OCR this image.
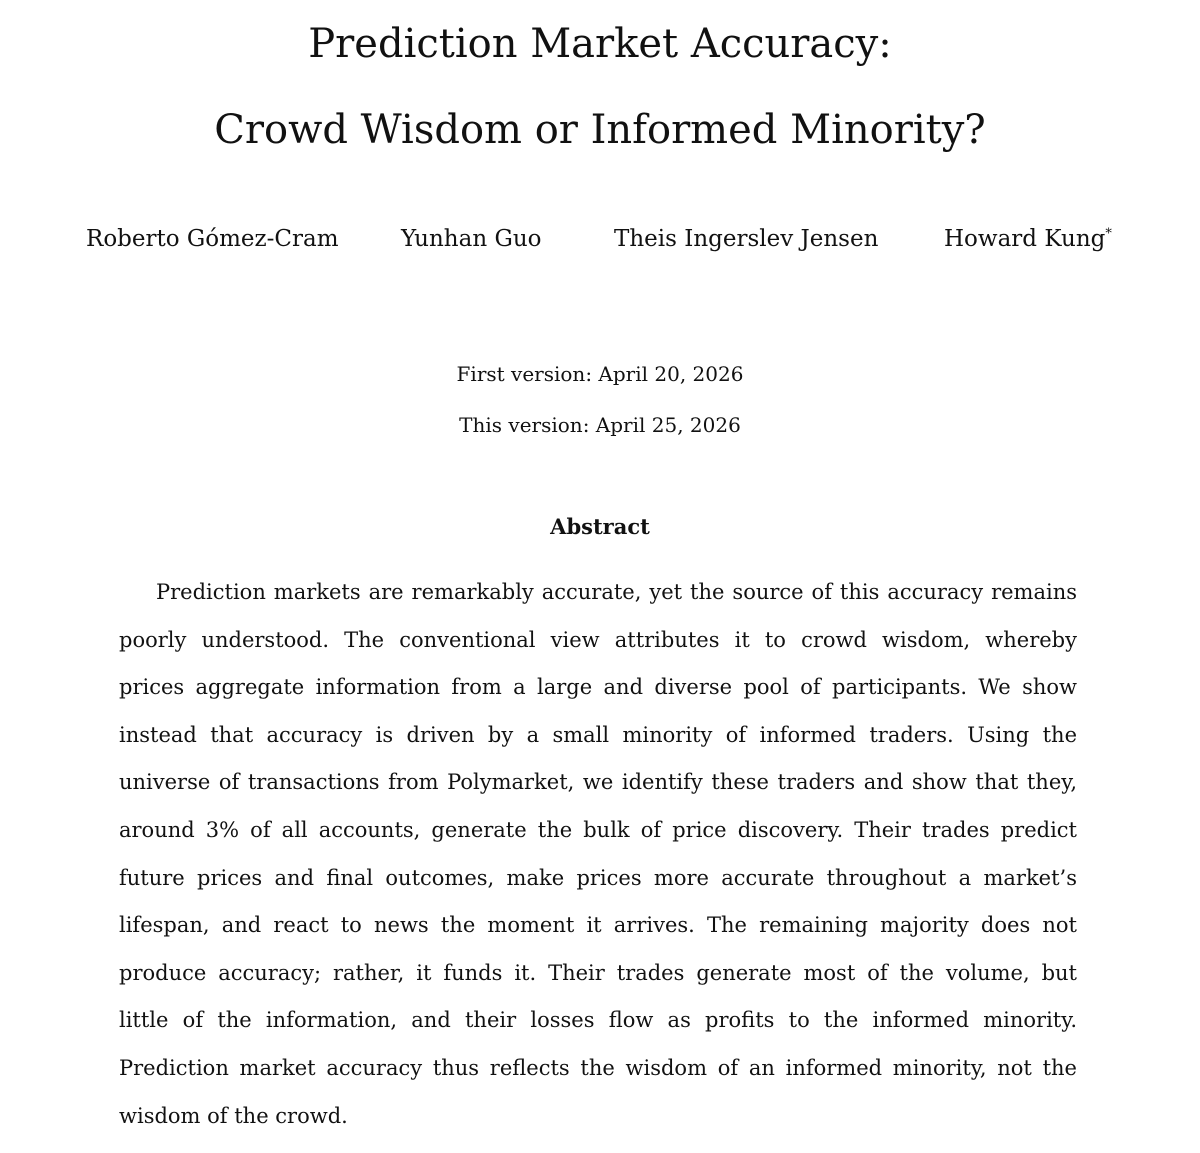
Prediction Market Accuracy:
Crowd Wisdom or Informed Minority?
Roberto Gómez-Cram	Yunhan Guo	Theis Ingerslev Jensen	Howard Kung*
First version: April 20, 2026
This version: April 25, 2026
Abstract
Prediction markets are remarkably accurate, yet the source of this accuracy remains
poorly understood. The conventional view attributes it to crowd wisdom, whereby
prices aggregate information from a large and diverse pool of participants. We show
instead that accuracy is driven by a small minority of informed traders. Using the
universe of transactions from Polymarket, we identify these traders and show that they,
around 3% of all accounts, generate the bulk of price discovery. Their trades predict
future prices and final outcomes, make prices more accurate throughout a market’s
lifespan, and react to news the moment it arrives. The remaining majority does not
produce accuracy; rather, it funds it. Their trades generate most of the volume, but
little of the information, and their losses flow as profits to the informed minority.
Prediction market accuracy thus reflects the wisdom of an informed minority, not the
wisdom of the crowd.
